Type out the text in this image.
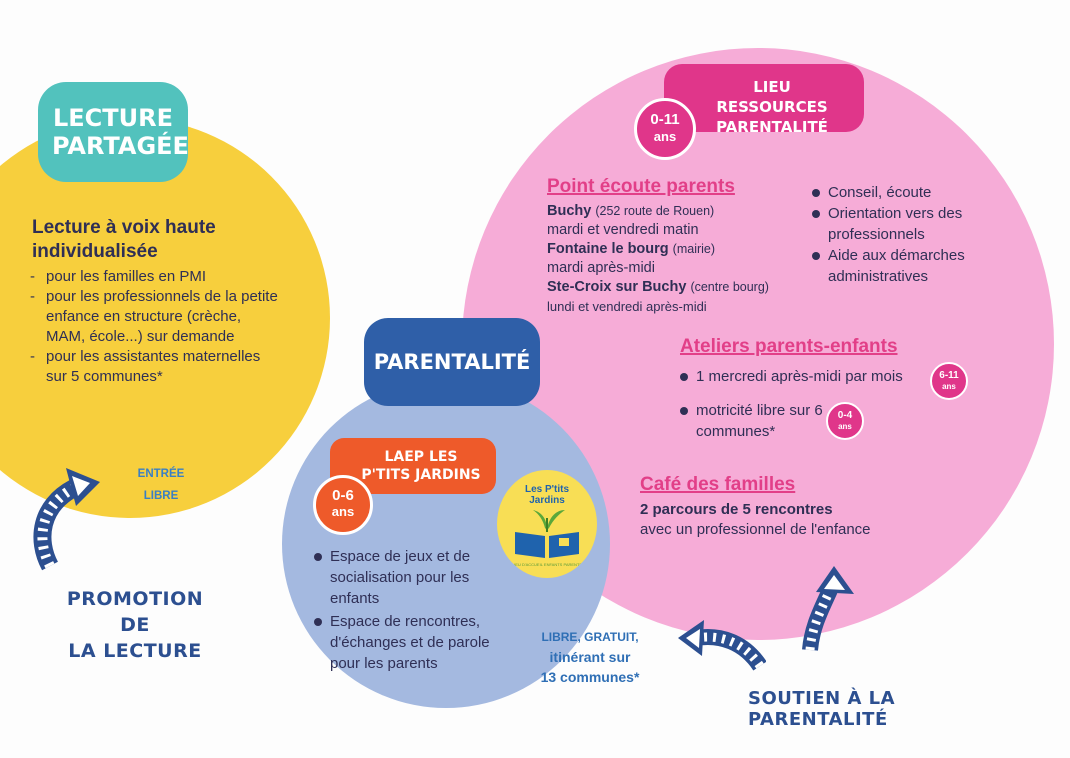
LECTURE PARTAGÉE
Lecture à voix haute individualisée
- pour les familles en PMI
- pour les professionnels de la petite enfance en structure (crèche, MAM, école...) sur demande
- pour les assistantes maternelles sur 5 communes*
ENTRÉE
LIBRE
PROMOTION DE
LA LECTURE
PARENTALITÉ
LAEP LES P'TITS JARDINS
0-6
ans
Les P'tits Jardins
LIEU D'ACCUEIL ENFANTS PARENTS
Espace de jeux et de socialisation pour les enfants
Espace de rencontres, d'échanges et de parole pour les parents
LIBRE, GRATUIT,
itinérant sur
13 communes*
LIEU RESSOURCES PARENTALITÉ
0-11
ans
Point écoute parents
Buchy (252 route de Rouen)
mardi et vendredi matin
Fontaine le bourg (mairie)
mardi après-midi
Ste-Croix sur Buchy (centre bourg)
lundi et vendredi après-midi
Conseil, écoute
Orientation vers des professionnels
Aide aux démarches administratives
Ateliers parents-enfants
1 mercredi après-midi par mois	6-11
ans
motricité libre sur 6 communes*
0-4
ans
Café des familles
2 parcours de 5 rencontres
avec un professionnel de l'enfance
SOUTIEN À LA PARENTALITÉ
